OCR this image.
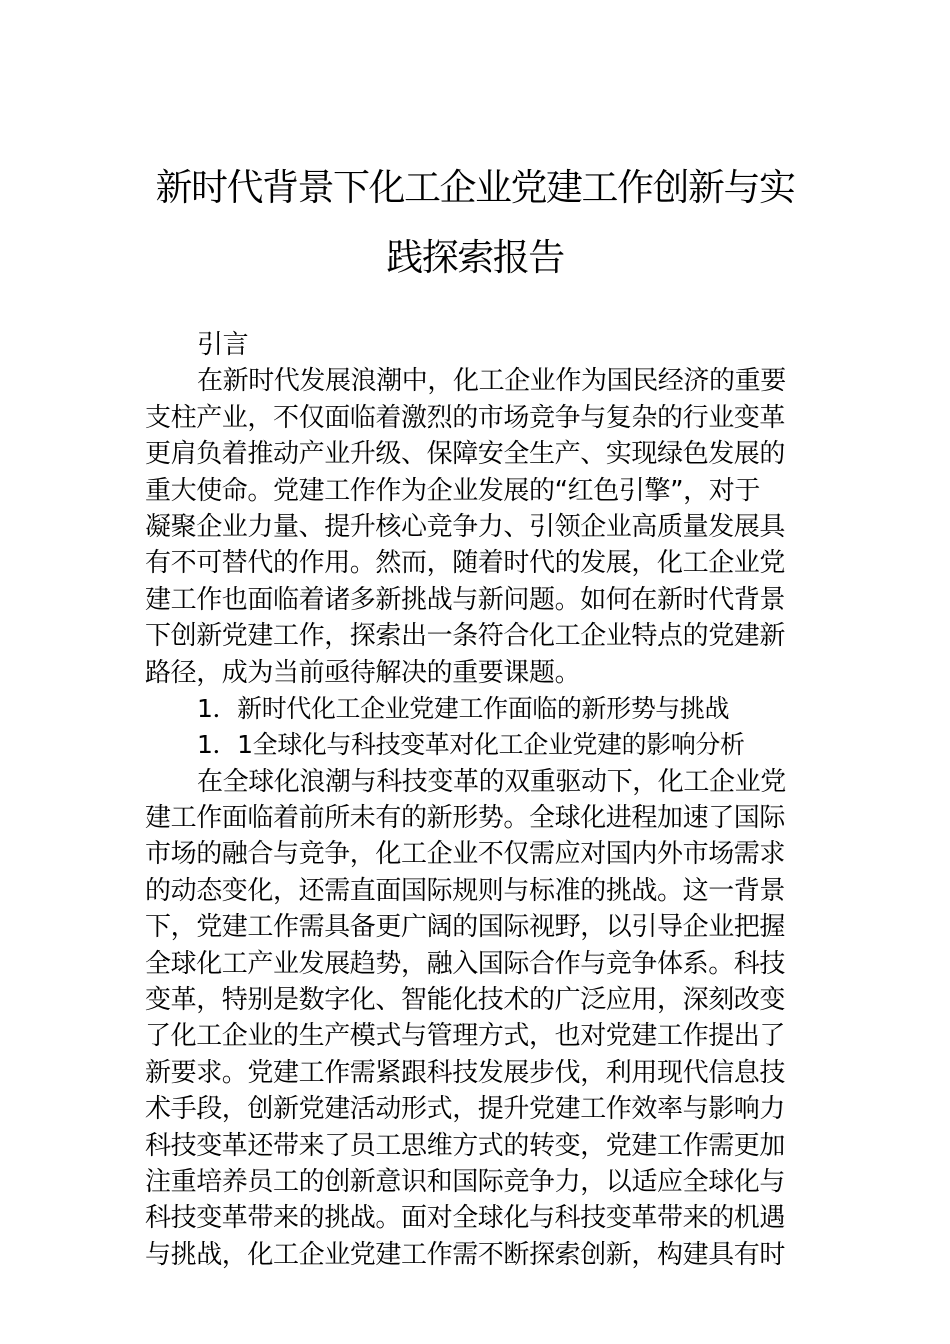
新时代背景下化工企业党建工作创新与实
践探索报告
引言
在新时代发展浪潮中，化工企业作为国民经济的重要
支柱产业，不仅面临着激烈的市场竞争与复杂的行业变革
更肩负着推动产业升级、保障安全生产、实现绿色发展的
重大使命。党建工作作为企业发展的“红色引擎”，对于
凝聚企业力量、提升核心竞争力、引领企业高质量发展具
有不可替代的作用。然而，随着时代的发展，化工企业党
建工作也面临着诸多新挑战与新问题。如何在新时代背景
下创新党建工作，探索出一条符合化工企业特点的党建新
路径，成为当前亟待解决的重要课题。
1．新时代化工企业党建工作面临的新形势与挑战
1．1全球化与科技变革对化工企业党建的影响分析
在全球化浪潮与科技变革的双重驱动下，化工企业党
建工作面临着前所未有的新形势。全球化进程加速了国际
市场的融合与竞争，化工企业不仅需应对国内外市场需求
的动态变化，还需直面国际规则与标准的挑战。这一背景
下，党建工作需具备更广阔的国际视野，以引导企业把握
全球化工产业发展趋势，融入国际合作与竞争体系。科技
变革，特别是数字化、智能化技术的广泛应用，深刻改变
了化工企业的生产模式与管理方式，也对党建工作提出了
新要求。党建工作需紧跟科技发展步伐，利用现代信息技
术手段，创新党建活动形式，提升党建工作效率与影响力
科技变革还带来了员工思维方式的转变，党建工作需更加
注重培养员工的创新意识和国际竞争力，以适应全球化与
科技变革带来的挑战。面对全球化与科技变革带来的机遇
与挑战，化工企业党建工作需不断探索创新，构建具有时
